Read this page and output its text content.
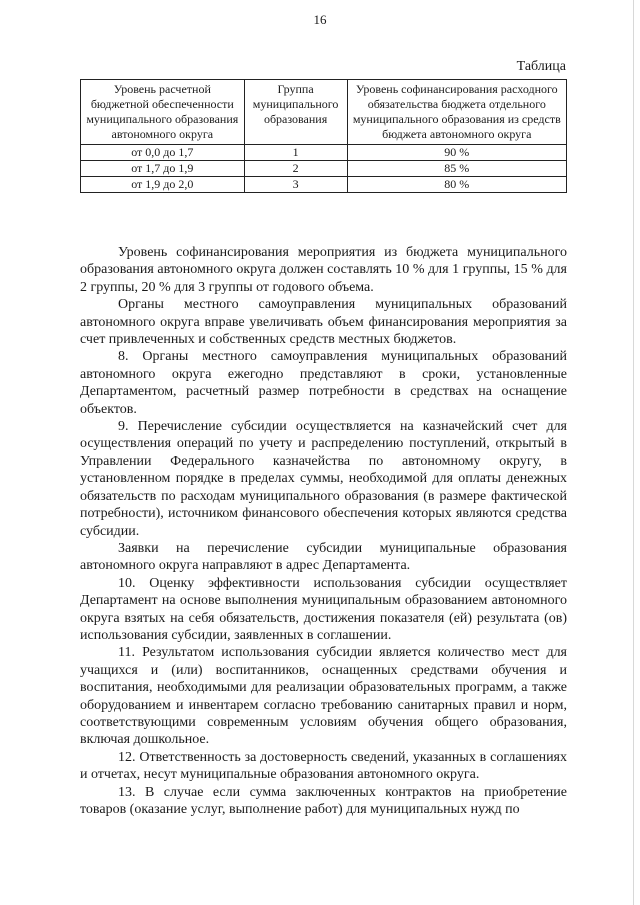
16
Таблица
Уровень расчетной бюджетной обеспеченности муниципального образования автономного округа	Группа муниципального образования	Уровень софинансирования расходного обязательства бюджета отдельного муниципального образования из средств бюджета автономного округа
от 0,0 до 1,7	1	90 %
от 1,7 до 1,9	2	85 %
от 1,9 до 2,0	3	80 %

Уровень софинансирования мероприятия из бюджета муниципального образования автономного округа должен составлять 10 % для 1 группы, 15 % для 2 группы, 20 % для 3 группы от годового объема.

Органы местного самоуправления муниципальных образований автономного округа вправе увеличивать объем финансирования мероприятия за счет привлеченных и собственных средств местных бюджетов.

8. Органы местного самоуправления муниципальных образований автономного округа ежегодно представляют в сроки, установленные Департаментом, расчетный размер потребности в средствах на оснащение объектов.

9. Перечисление субсидии осуществляется на казначейский счет для осуществления операций по учету и распределению поступлений, открытый в Управлении Федерального казначейства по автономному округу, в установленном порядке в пределах суммы, необходимой для оплаты денежных обязательств по расходам муниципального образования (в размере фактической потребности), источником финансового обеспечения которых являются средства субсидии.

Заявки на перечисление субсидии муниципальные образования автономного округа направляют в адрес Департамента.

10. Оценку эффективности использования субсидии осуществляет Департамент на основе выполнения муниципальным образованием автономного округа взятых на себя обязательств, достижения показателя (ей) результата (ов) использования субсидии, заявленных в соглашении.

11. Результатом использования субсидии является количество мест для учащихся и (или) воспитанников, оснащенных средствами обучения и воспитания, необходимыми для реализации образовательных программ, а также оборудованием и инвентарем согласно требованию санитарных правил и норм, соответствующими современным условиям обучения общего образования, включая дошкольное.

12. Ответственность за достоверность сведений, указанных в соглашениях и отчетах, несут муниципальные образования автономного округа.

13. В случае если сумма заключенных контрактов на приобретение товаров (оказание услуг, выполнение работ) для муниципальных нужд по
